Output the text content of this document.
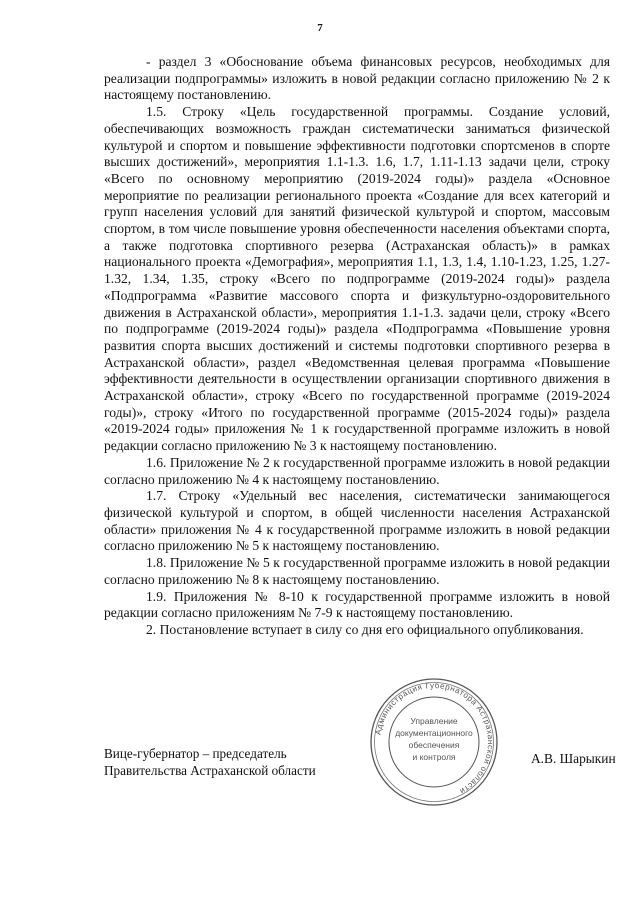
7

- раздел 3 «Обоснование объема финансовых ресурсов, необходимых для реализации подпрограммы» изложить в новой редакции согласно приложению № 2 к настоящему постановлению.

1.5. Строку «Цель государственной программы. Создание условий, обеспечивающих возможность граждан систематически заниматься физической культурой и спортом и повышение эффективности подготовки спортсменов в спорте высших достижений», мероприятия 1.1-1.3. 1.6, 1.7, 1.11-1.13 задачи цели, строку «Всего по основному мероприятию (2019-2024 годы)» раздела «Основное мероприятие по реализации регионального проекта «Создание для всех категорий и групп населения условий для занятий физической культурой и спортом, массовым спортом, в том числе повышение уровня обеспеченности населения объектами спорта, а также подготовка спортивного резерва (Астраханская область)» в рамках национального проекта «Демография», мероприятия 1.1, 1.3, 1.4, 1.10-1.23, 1.25, 1.27-1.32, 1.34, 1.35, строку «Всего по подпрограмме (2019-2024 годы)» раздела «Подпрограмма «Развитие массового спорта и физкультурно-оздоровительного движения в Астраханской области», мероприятия 1.1-1.3. задачи цели, строку «Всего по подпрограмме (2019-2024 годы)» раздела «Подпрограмма «Повышение уровня развития спорта высших достижений и системы подготовки спортивного резерва в Астраханской области», раздел «Ведомственная целевая программа «Повышение эффективности деятельности в осуществлении организации спортивного движения в Астраханской области», строку «Всего по государственной программе (2019-2024 годы)», строку «Итого по государственной программе (2015-2024 годы)» раздела «2019-2024 годы» приложения № 1 к государственной программе изложить в новой редакции согласно приложению № 3 к настоящему постановлению.

1.6. Приложение № 2 к государственной программе изложить в новой редакции согласно приложению № 4 к настоящему постановлению.

1.7. Строку «Удельный вес населения, систематически занимающегося физической культурой и спортом, в общей численности населения Астраханской области» приложения № 4 к государственной программе изложить в новой редакции согласно приложению № 5 к настоящему постановлению.

1.8. Приложение № 5 к государственной программе изложить в новой редакции согласно приложению № 8 к настоящему постановлению.

1.9. Приложения № 8-10 к государственной программе изложить в новой редакции согласно приложениям № 7-9 к настоящему постановлению.

2. Постановление вступает в силу со дня его официального опубликования.

Вице-губернатор – председатель
Правительства Астраханской области
А.В. Шарыкин
Администрация Губернатора Астраханской области
Управление
документационного
обеспечения
и контроля
